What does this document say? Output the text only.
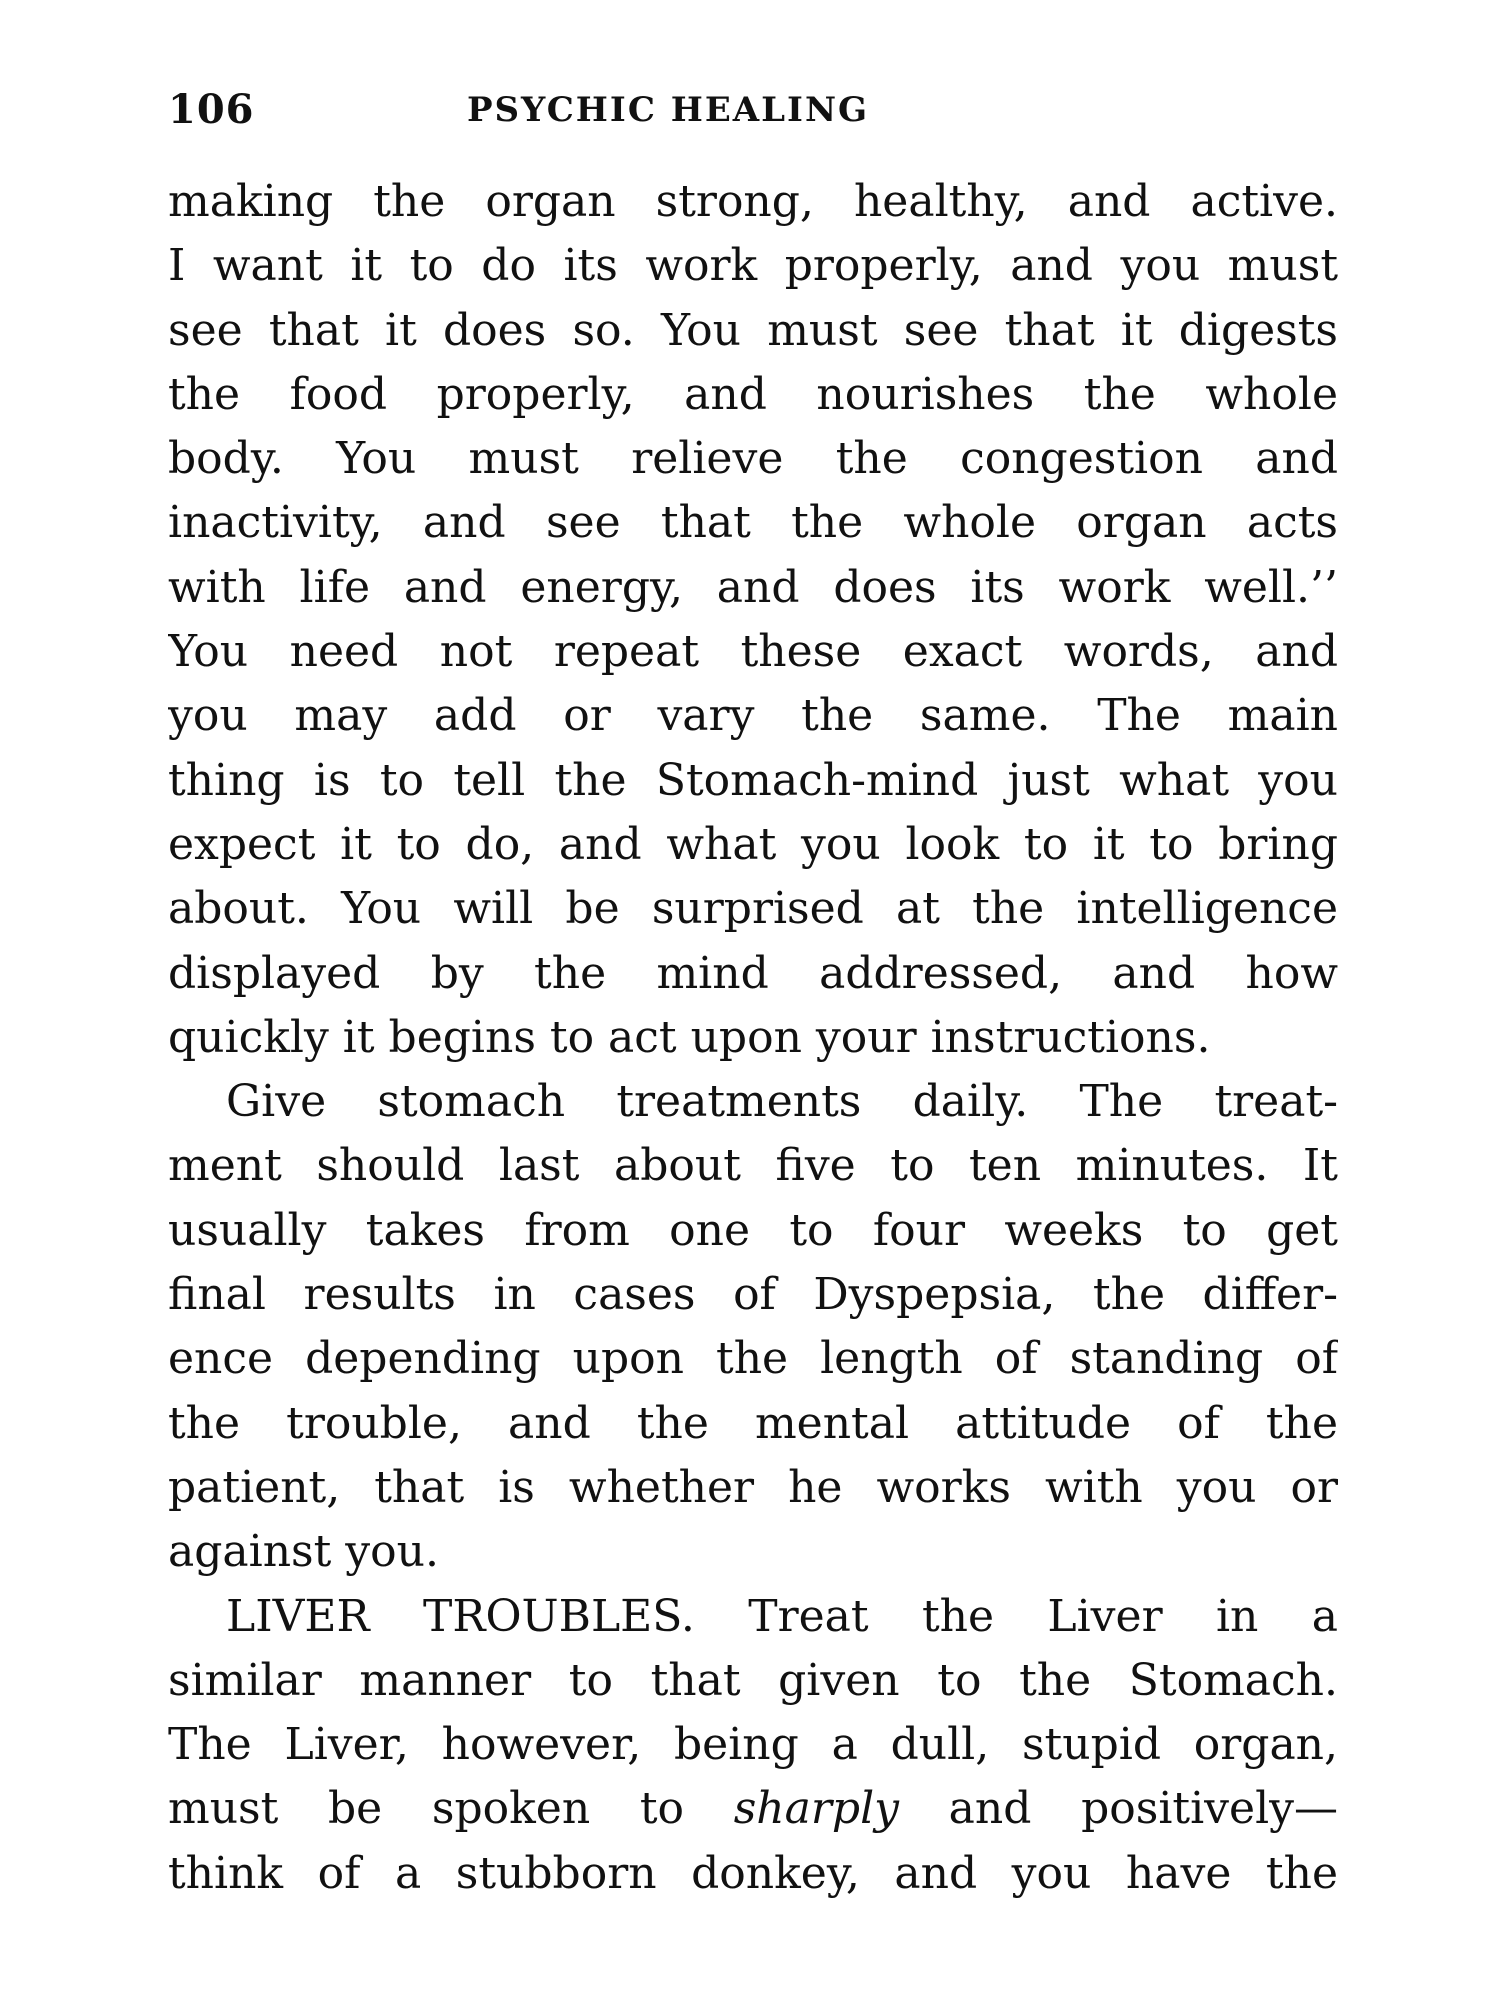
106	PSYCHIC HEALING
making the organ strong, healthy, and active.
I want it to do its work properly, and you must
see that it does so. You must see that it digests
the food properly, and nourishes the whole
body. You must relieve the congestion and
inactivity, and see that the whole organ acts
with life and energy, and does its work well.’’
You need not repeat these exact words, and
you may add or vary the same. The main
thing is to tell the Stomach-mind just what you
expect it to do, and what you look to it to bring
about. You will be surprised at the intelligence
displayed by the mind addressed, and how
quickly it begins to act upon your instructions.
Give stomach treatments daily. The treat-
ment should last about five to ten minutes. It
usually takes from one to four weeks to get
final results in cases of Dyspepsia, the differ-
ence depending upon the length of standing of
the trouble, and the mental attitude of the
patient, that is whether he works with you or
against you.
LIVER TROUBLES. Treat the Liver in a
similar manner to that given to the Stomach.
The Liver, however, being a dull, stupid organ,
must be spoken to sharply and positively—
think of a stubborn donkey, and you have the
